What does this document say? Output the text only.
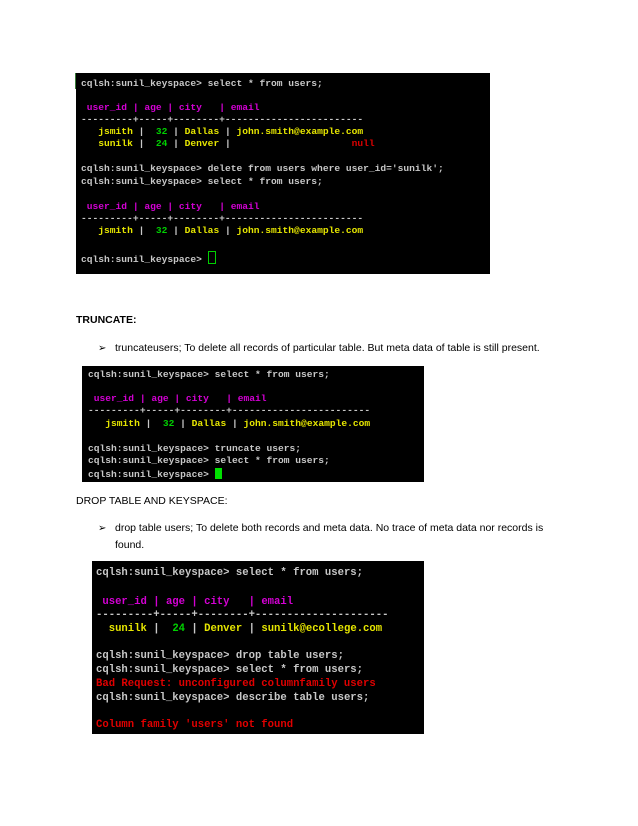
cqlsh:sunil_keyspace> select * from users;
user_id | age | city   | email
---------+-----+--------+------------------------
jsmith |  32 | Dallas | john.smith@example.com
sunilk |  24 | Denver |                     null
cqlsh:sunil_keyspace> delete from users where user_id='sunilk';
cqlsh:sunil_keyspace> select * from users;
user_id | age | city   | email
---------+-----+--------+------------------------
jsmith |  32 | Dallas | john.smith@example.com
cqlsh:sunil_keyspace>
TRUNCATE:
➢ truncateusers; To delete all records of particular table. But meta data of table is still present.
cqlsh:sunil_keyspace> select * from users;
user_id | age | city   | email
---------+-----+--------+------------------------
jsmith |  32 | Dallas | john.smith@example.com
cqlsh:sunil_keyspace> truncate users;
cqlsh:sunil_keyspace> select * from users;
cqlsh:sunil_keyspace>
DROP TABLE AND KEYSPACE:
➢ drop table users; To delete both records and meta data. No trace of meta data nor records is
found.
cqlsh:sunil_keyspace> select * from users;
user_id | age | city   | email
---------+-----+--------+---------------------
sunilk |  24 | Denver | sunilk@ecollege.com
cqlsh:sunil_keyspace> drop table users;
cqlsh:sunil_keyspace> select * from users;
Bad Request: unconfigured columnfamily users
cqlsh:sunil_keyspace> describe table users;
Column family 'users' not found
